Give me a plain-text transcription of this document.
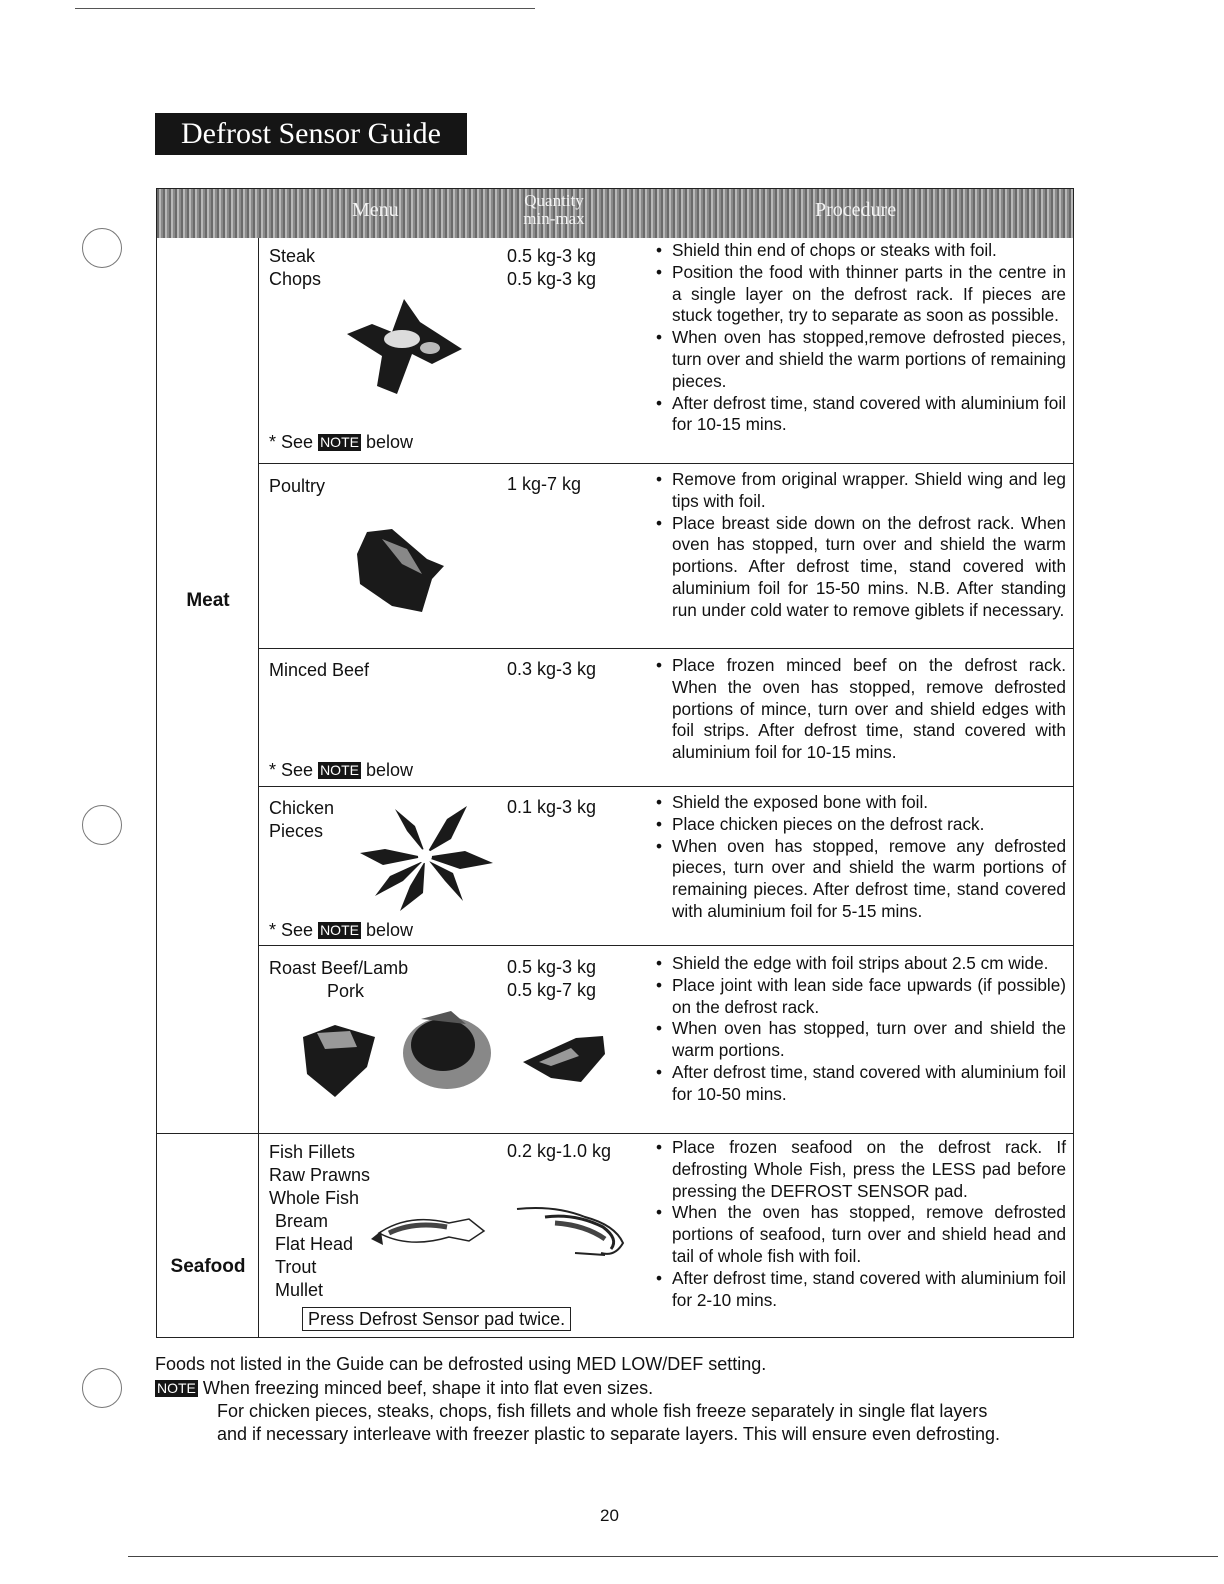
Defrost Sensor Guide
Menu	Quantity
min-max	Procedure
Meat
Seafood
Steak
Chops
0.5 kg-3 kg
0.5 kg-3 kg
* See NOTE below
• Shield thin end of chops or steaks with foil.
• Position the food with thinner parts in the centre in a single layer on the defrost rack. If pieces are stuck together, try to separate as soon as possible.
• When oven has stopped,remove defrosted pieces, turn over and shield the warm portions of remaining pieces.
• After defrost time, stand covered with aluminium foil for 10-15 mins.
Poultry	1 kg-7 kg
•	Remove from original wrapper. Shield wing and leg tips with foil.
• Place breast side down on the defrost rack. When oven has stopped, turn over and shield the warm portions. After defrost time, stand covered with aluminium foil for 15-50 mins. N.B. After standing run under cold water to remove giblets if necessary.
Minced Beef	0.3 kg-3 kg
* See NOTE below
• Place frozen minced beef on the defrost rack. When the oven has stopped, remove defrosted portions of mince, turn over and shield edges with foil strips. After defrost time, stand covered with aluminium foil for 10-15 mins.
Chicken
Pieces
0.1 kg-3 kg
* See NOTE below
• Shield the exposed bone with foil.
• Place chicken pieces on the defrost rack.
• When oven has stopped, remove any defrosted pieces, turn over and shield the warm portions of remaining pieces. After defrost time, stand covered with aluminium foil for 5-15 mins.
Roast Beef/Lamb
Pork
0.5 kg-3 kg
0.5 kg-7 kg
• Shield the edge with foil strips about 2.5 cm wide.
• Place joint with lean side face upwards (if possible) on the defrost rack.
• When oven has stopped, turn over and shield the warm portions.
• After defrost time, stand covered with aluminium foil for 10-50 mins.
Fish Fillets
Raw Prawns
Whole Fish
Bream
Flat Head
Trout
Mullet
0.2 kg-1.0 kg
Press Defrost Sensor pad twice.
• Place frozen seafood on the defrost rack. If defrosting Whole Fish, press the LESS pad before pressing the DEFROST SENSOR pad.
• When the oven has stopped, remove defrosted portions of seafood, turn over and shield head and tail of whole fish with foil.
• After defrost time, stand covered with aluminium foil for 2-10 mins.
Foods not listed in the Guide can be defrosted using MED LOW/DEF setting.
NOTE When freezing minced beef, shape it into flat even sizes.
For chicken pieces, steaks, chops, fish fillets and whole fish freeze separately in single flat layers
and if necessary interleave with freezer plastic to separate layers. This will ensure even defrosting.
20
